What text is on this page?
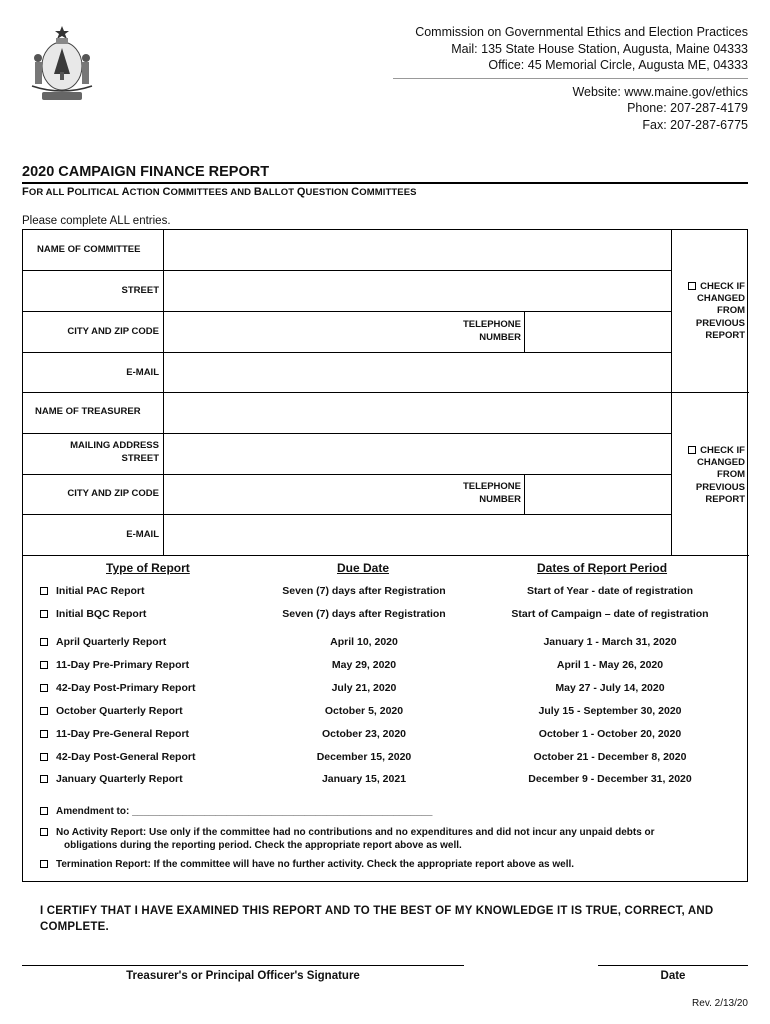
Commission on Governmental Ethics and Election Practices
Mail: 135 State House Station, Augusta, Maine 04333
Office: 45 Memorial Circle, Augusta ME, 04333
Website: www.maine.gov/ethics
Phone: 207-287-4179
Fax: 207-287-6775
2020 CAMPAIGN FINANCE REPORT
FOR ALL POLITICAL ACTION COMMITTEES AND BALLOT QUESTION COMMITTEES
Please complete ALL entries.
NAME OF COMMITTEE
STREET
CITY AND ZIP CODE
TELEPHONE
NUMBER
E-MAIL
CHECK IF
CHANGED
FROM
PREVIOUS
REPORT
NAME OF TREASURER
MAILING ADDRESS
STREET
CITY AND ZIP CODE
TELEPHONE
NUMBER
E-MAIL
CHECK IF
CHANGED
FROM
PREVIOUS
REPORT
Type of Report	Due Date	Dates of Report Period
Initial PAC Report	Seven (7) days after Registration	Start of Year - date of registration
Initial BQC Report	Seven (7) days after Registration	Start of Campaign – date of registration
April Quarterly Report	April 10, 2020	January 1 - March 31, 2020
11-Day Pre-Primary Report	May 29, 2020	April 1 - May 26, 2020
42-Day Post-Primary Report	July 21, 2020	May 27 - July 14, 2020
October Quarterly Report	October 5, 2020	July 15 - September 30, 2020
11-Day Pre-General Report	October 23, 2020	October 1 - October 20, 2020
42-Day Post-General Report	December 15, 2020	October 21 - December 8, 2020
January Quarterly Report	January 15, 2021	December 9 - December 31, 2020
Amendment to: ______________________________________________________
No Activity Report: Use only if the committee had no contributions and no expenditures and did not incur any unpaid debts or
obligations during the reporting period. Check the appropriate report above as well.
Termination Report: If the committee will have no further activity. Check the appropriate report above as well.
I CERTIFY THAT I HAVE EXAMINED THIS REPORT AND TO THE BEST OF MY KNOWLEDGE IT IS TRUE, CORRECT, AND COMPLETE.
Treasurer's or Principal Officer's Signature	Date
Rev. 2/13/20
